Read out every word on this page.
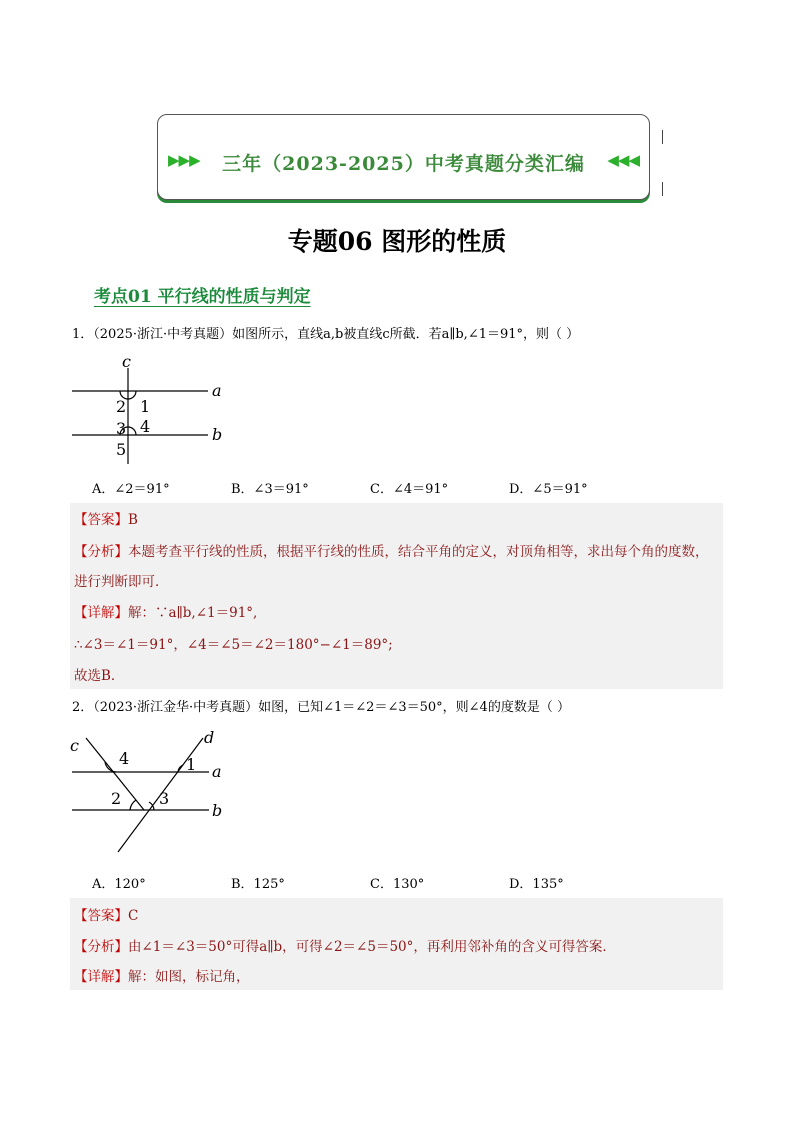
▶▶▶	三年（2023-2025）中考真题分类汇编	◀◀◀
专题06 图形的性质
考点01 平行线的性质与判定
1．（2025·浙江·中考真题）如图所示，直线a,b被直线c所截．若a∥b,∠1＝91°，则（ ）
c
a
b
2 1
3 4
5
A．∠2＝91°	B．∠3＝91°	C．∠4＝91°	D．∠5＝91°
【答案】B
【分析】本题考查平行线的性质，根据平行线的性质，结合平角的定义，对顶角相等，求出每个角的度数，
进行判断即可．
【详解】解：∵a∥b,∠1＝91°,
∴∠3＝∠1＝91°，∠4＝∠5＝∠2＝180°−∠1＝89°;
故选B．
2．（2023·浙江金华·中考真题）如图，已知∠1＝∠2＝∠3＝50°，则∠4的度数是（ ）
c	d
a
b
4	1
2 3
A．120°	B．125°	C．130°	D．135°
【答案】C
【分析】由∠1＝∠3＝50°可得a∥b，可得∠2＝∠5＝50°，再利用邻补角的含义可得答案．
【详解】解：如图，标记角，
